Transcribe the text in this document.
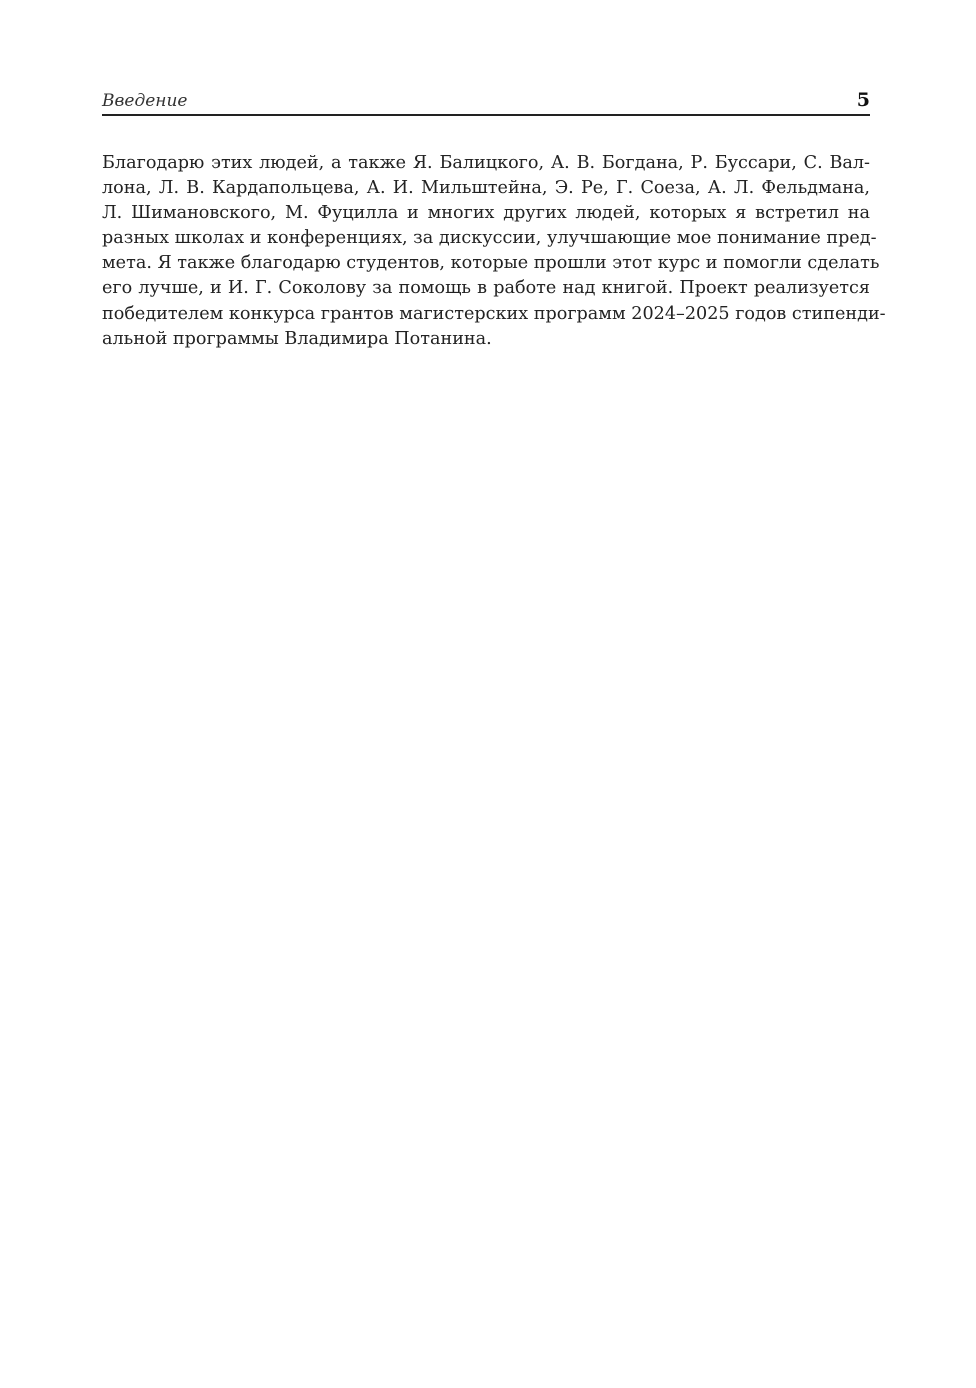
Введение	5
Благодарю этих людей, а также Я. Балицкого, А. В. Богдана, Р. Буссари, С. Вал-
лона, Л. В. Кардапольцева, А. И. Мильштейна, Э. Ре, Г. Соеза, А. Л. Фельдмана,
Л. Шимановского, М. Фуцилла и многих других людей, которых я встретил на
разных школах и конференциях, за дискуссии, улучшающие мое понимание пред-
мета. Я также благодарю студентов, которые прошли этот курс и помогли сделать
его лучше, и И. Г. Соколову за помощь в работе над книгой. Проект реализуется
победителем конкурса грантов магистерских программ 2024–2025 годов стипенди-
альной программы Владимира Потанина.
